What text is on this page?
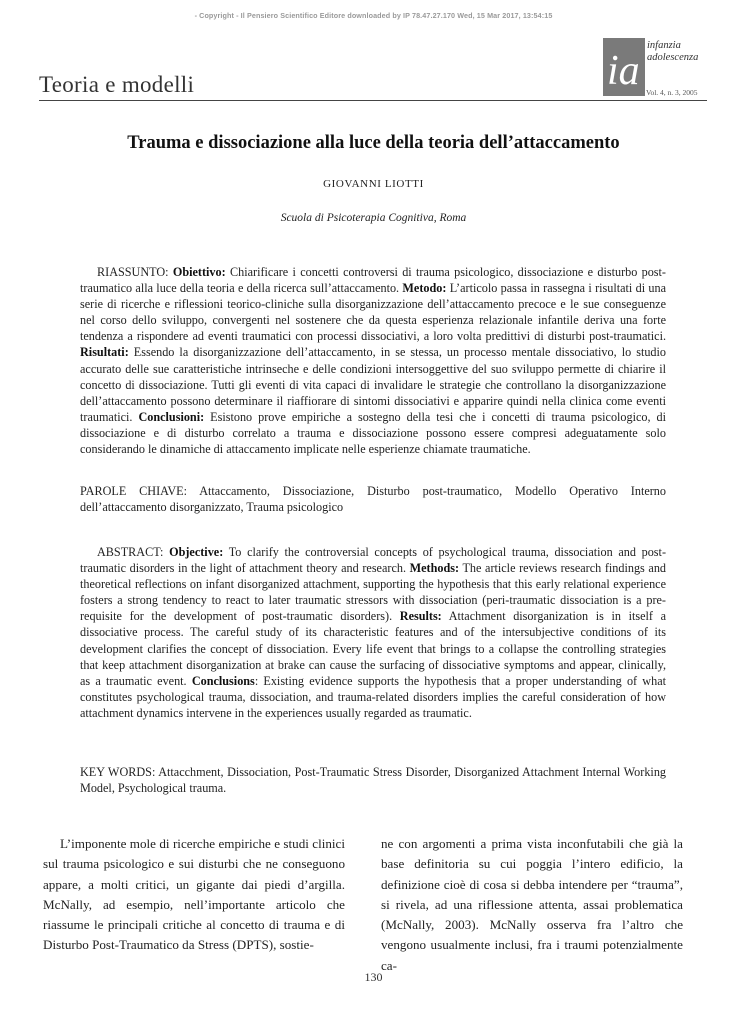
- Copyright - Il Pensiero Scientifico Editore downloaded by IP 78.47.27.170 Wed, 15 Mar 2017, 13:54:15
Teoria e modelli	ia
infanzia
adolescenza
Vol. 4, n. 3, 2005
Trauma e dissociazione alla luce della teoria dell’attaccamento
GIOVANNI LIOTTI
Scuola di Psicoterapia Cognitiva, Roma
RIASSUNTO: Obiettivo: Chiarificare i concetti controversi di trauma psicologico, dissociazione e disturbo post-traumatico alla luce della teoria e della ricerca sull’attaccamento. Metodo: L’articolo passa in rassegna i risultati di una serie di ricerche e riflessioni teorico-cliniche sulla disorganizzazione dell’attaccamento precoce e le sue conseguenze nel corso dello sviluppo, convergenti nel sostenere che da questa esperienza relazionale infantile deriva una forte tendenza a rispondere ad eventi traumatici con processi dissociativi, a loro volta predittivi di disturbi post-traumatici. Risultati: Essendo la disorganizzazione dell’attaccamento, in se stessa, un processo mentale dissociativo, lo studio accurato delle sue caratteristiche intrinseche e delle condizioni intersoggettive del suo sviluppo permette di chiarire il concetto di dissociazione. Tutti gli eventi di vita capaci di invalidare le strategie che controllano la disorganizzazione dell’attaccamento possono determinare il riaffiorare di sintomi dissociativi e apparire quindi nella clinica come eventi traumatici. Conclusioni: Esistono prove empiriche a sostegno della tesi che i concetti di trauma psicologico, di dissociazione e di disturbo correlato a trauma e dissociazione possono essere compresi adeguatamente solo considerando le dinamiche di attaccamento implicate nelle esperienze chiamate traumatiche.
PAROLE CHIAVE: Attaccamento, Dissociazione, Disturbo post-traumatico, Modello Operativo Interno dell’attaccamento disorganizzato, Trauma psicologico
ABSTRACT: Objective: To clarify the controversial concepts of psychological trauma, dissociation and post-traumatic disorders in the light of attachment theory and research. Methods: The article reviews research findings and theoretical reflections on infant disorganized attachment, supporting the hypothesis that this early relational experience fosters a strong tendency to react to later traumatic stressors with dissociation (peri-traumatic dissociation is a pre-requisite for the development of post-traumatic disorders). Results: Attachment disorganization is in itself a dissociative process. The careful study of its characteristic features and of the intersubjective conditions of its development clarifies the concept of dissociation. Every life event that brings to a collapse the controlling strategies that keep attachment disorganization at brake can cause the surfacing of dissociative symptoms and appear, clinically, as a traumatic event. Conclusions: Existing evidence supports the hypothesis that a proper understanding of what constitutes psychological trauma, dissociation, and trauma-related disorders implies the careful consideration of how attachment dynamics intervene in the experiences usually regarded as traumatic.
KEY WORDS: Attacchment, Dissociation, Post-Traumatic Stress Disorder, Disorganized Attachment Internal Working Model, Psychological trauma.
L’imponente mole di ricerche empiriche e studi clinici sul trauma psicologico e sui disturbi che ne conseguono appare, a molti critici, un gigante dai piedi d’argilla. McNally, ad esempio, nell’importante articolo che riassume le principali critiche al concetto di trauma e di Disturbo Post-Traumatico da Stress (DPTS), sostie-
ne con argomenti a prima vista inconfutabili che già la base definitoria su cui poggia l’intero edificio, la definizione cioè di cosa si debba intendere per “trauma”, si rivela, ad una riflessione attenta, assai problematica (McNally, 2003). McNally osserva fra l’altro che vengono usualmente inclusi, fra i traumi potenzialmente ca-
130
